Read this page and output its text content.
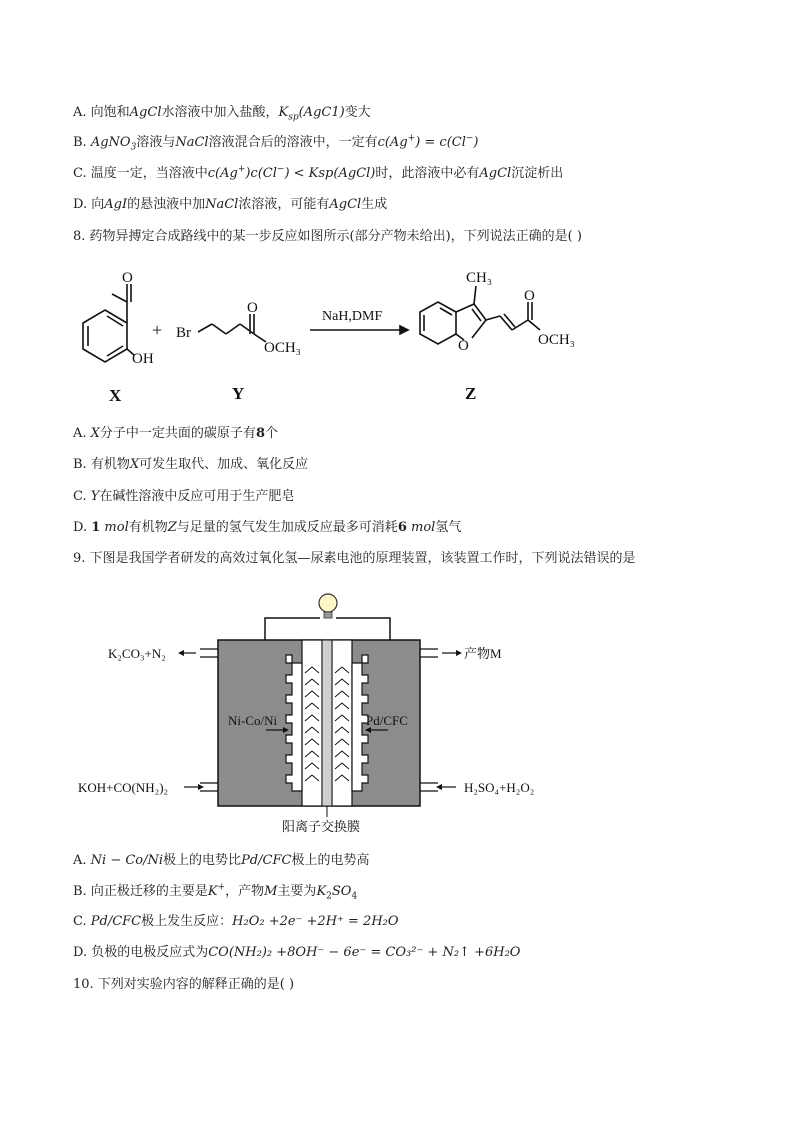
A. 向饱和AgCl水溶液中加入盐酸，$K_{sp}(AgC1)$变大
B. AgNO$_3$溶液与NaCl溶液混合后的溶液中，一定有c(Ag+) = c(Cl−)
C. 温度一定，当溶液中c(Ag+)c(Cl−) < Ksp(AgCl)时，此溶液中必有AgCl沉淀析出
D. 向AgI的悬浊液中加NaCl浓溶液，可能有AgCl生成
8. 药物异搏定合成路线中的某一步反应如图所示(部分产物未给出)，下列说法正确的是( )
O
OH
+ Br
O
OCH₃
NaH,DMF
CH₃
O
O
OCH₃
X	Y	Z
A. X分子中一定共面的碳原子有8个
B. 有机物X可发生取代、加成、氧化反应
C. Y在碱性溶液中反应可用于生产肥皂
D. 1 mol有机物Z与足量的氢气发生加成反应最多可消耗6 mol氢气
9. 下图是我国学者研发的高效过氧化氢—尿素电池的原理装置，该装置工作时，下列说法错误的是
K₂CO₃+N₂	产物M
Ni-Co/Ni	Pd/CFC
KOH+CO(NH₂)₂	H₂SO₄+H₂O₂
阳离子交换膜
A. Ni − Co/Ni极上的电势比Pd/CFC极上的电势高
B. 向正极迁移的主要是K+，产物M主要为$K_2SO_4$
C. Pd/CFC极上发生反应：H₂O₂ +2e⁻ +2H⁺ = 2H₂O
D. 负极的电极反应式为CO(NH₂)₂ +8OH⁻ − 6e⁻ = CO₃²⁻ + N₂↑ +6H₂O
10. 下列对实验内容的解释正确的是( )
